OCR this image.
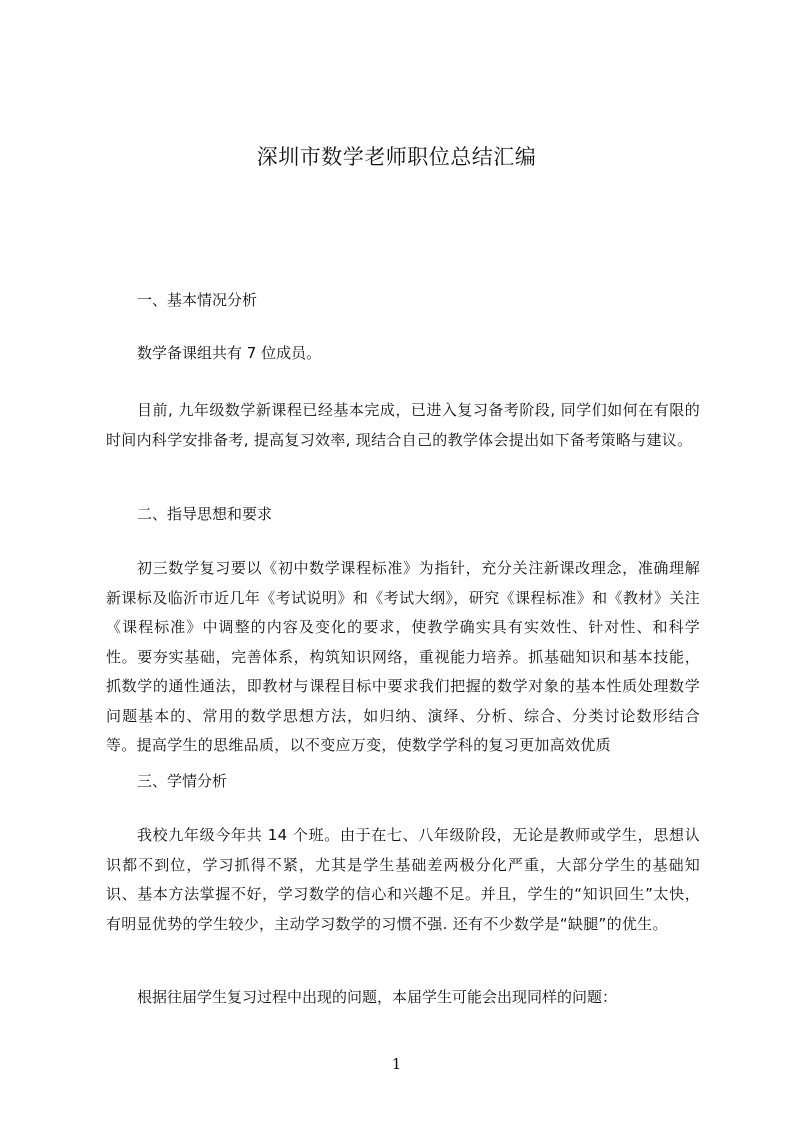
深圳市数学老师职位总结汇编
一、基本情况分析
数学备课组共有 7 位成员。
目前, 九年级数学新课程已经基本完成，已进入复习备考阶段, 同学们如何在有限的时间内科学安排备考, 提高复习效率, 现结合自己的教学体会提出如下备考策略与建议。
二、指导思想和要求
初三数学复习要以《初中数学课程标准》为指针，充分关注新课改理念，准确理解新课标及临沂市近几年《考试说明》和《考试大纲》，研究《课程标准》和《教材》关注《课程标准》中调整的内容及变化的要求，使教学确实具有实效性、针对性、和科学性。要夯实基础，完善体系，构筑知识网络，重视能力培养。抓基础知识和基本技能，抓数学的通性通法，即教材与课程目标中要求我们把握的数学对象的基本性质处理数学问题基本的、常用的数学思想方法，如归纳、演绎、分析、综合、分类讨论数形结合等。提高学生的思维品质，以不变应万变，使数学学科的复习更加高效优质
三、学情分析
我校九年级今年共 14 个班。由于在七、八年级阶段，无论是教师或学生，思想认识都不到位，学习抓得不紧，尤其是学生基础差两极分化严重，大部分学生的基础知识、基本方法掌握不好，学习数学的信心和兴趣不足。并且，学生的“知识回生”太快，有明显优势的学生较少，主动学习数学的习惯不强. 还有不少数学是“缺腿”的优生。
根据往届学生复习过程中出现的问题，本届学生可能会出现同样的问题：
1
